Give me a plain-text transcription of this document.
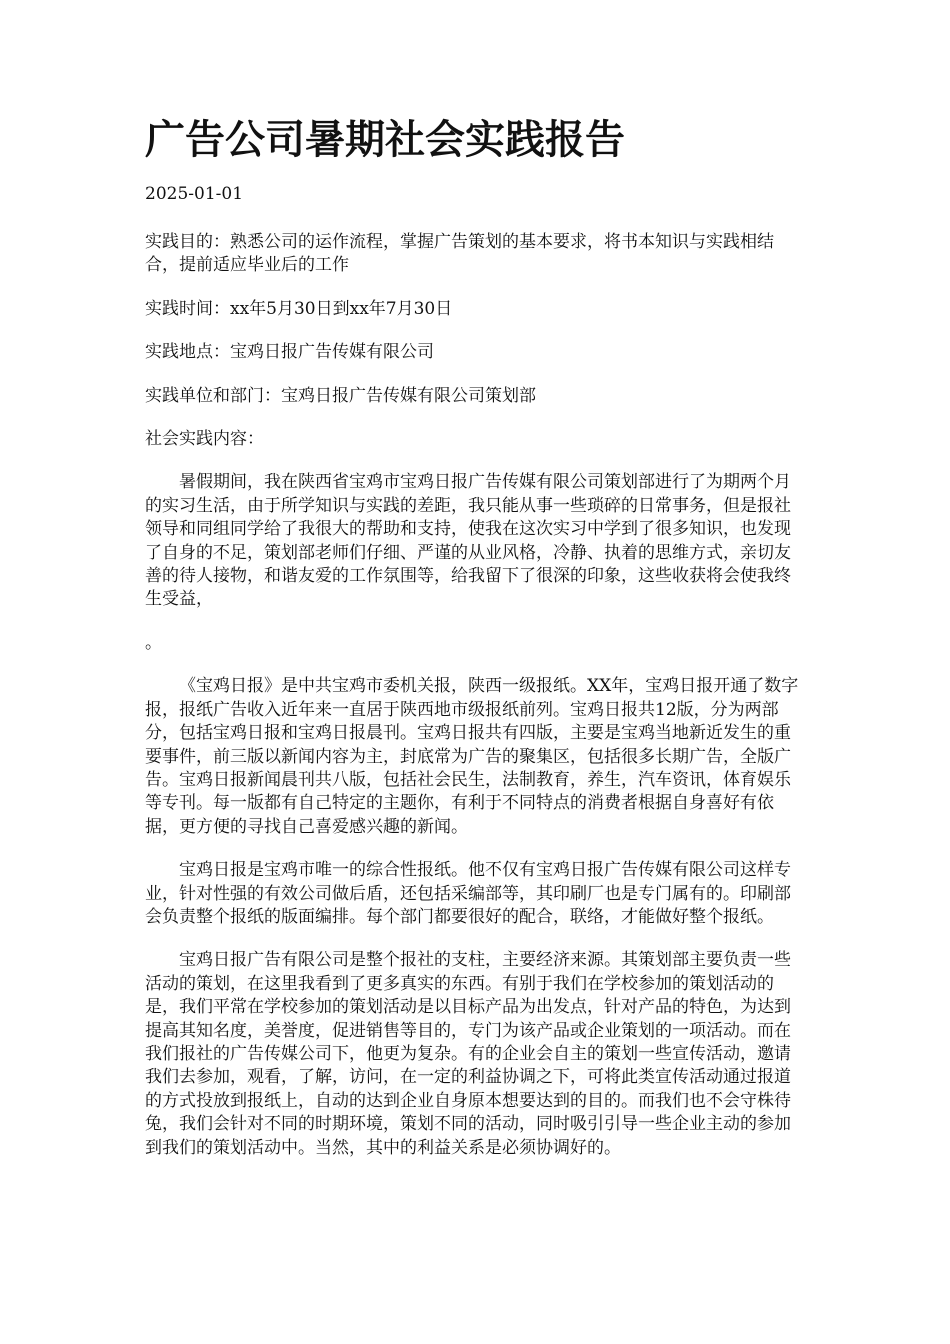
广告公司暑期社会实践报告
2025-01-01

实践目的：熟悉公司的运作流程，掌握广告策划的基本要求，将书本知识与实践相结合，提前适应毕业后的工作

实践时间：xx年5月30日到xx年7月30日

实践地点：宝鸡日报广告传媒有限公司

实践单位和部门：宝鸡日报广告传媒有限公司策划部

社会实践内容：

暑假期间，我在陕西省宝鸡市宝鸡日报广告传媒有限公司策划部进行了为期两个月的实习生活，由于所学知识与实践的差距，我只能从事一些琐碎的日常事务，但是报社领导和同组同学给了我很大的帮助和支持，使我在这次实习中学到了很多知识，也发现了自身的不足，策划部老师们仔细、严谨的从业风格，冷静、执着的思维方式，亲切友善的待人接物，和谐友爱的工作氛围等，给我留下了很深的印象，这些收获将会使我终生受益，

。

《宝鸡日报》是中共宝鸡市委机关报，陕西一级报纸。XX年，宝鸡日报开通了数字报，报纸广告收入近年来一直居于陕西地市级报纸前列。宝鸡日报共12版，分为两部分，包括宝鸡日报和宝鸡日报晨刊。宝鸡日报共有四版，主要是宝鸡当地新近发生的重要事件，前三版以新闻内容为主，封底常为广告的聚集区，包括很多长期广告，全版广告。宝鸡日报新闻晨刊共八版，包括社会民生，法制教育，养生，汽车资讯，体育娱乐等专刊。每一版都有自己特定的主题你，有利于不同特点的消费者根据自身喜好有依据，更方便的寻找自己喜爱感兴趣的新闻。

宝鸡日报是宝鸡市唯一的综合性报纸。他不仅有宝鸡日报广告传媒有限公司这样专业，针对性强的有效公司做后盾，还包括采编部等，其印刷厂也是专门属有的。印刷部会负责整个报纸的版面编排。每个部门都要很好的配合，联络，才能做好整个报纸。

宝鸡日报广告有限公司是整个报社的支柱，主要经济来源。其策划部主要负责一些活动的策划，在这里我看到了更多真实的东西。有别于我们在学校参加的策划活动的是，我们平常在学校参加的策划活动是以目标产品为出发点，针对产品的特色，为达到提高其知名度，美誉度，促进销售等目的，专门为该产品或企业策划的一项活动。而在我们报社的广告传媒公司下，他更为复杂。有的企业会自主的策划一些宣传活动，邀请我们去参加，观看，了解，访问，在一定的利益协调之下，可将此类宣传活动通过报道的方式投放到报纸上，自动的达到企业自身原本想要达到的目的。而我们也不会守株待兔，我们会针对不同的时期环境，策划不同的活动，同时吸引引导一些企业主动的参加到我们的策划活动中。当然，其中的利益关系是必须协调好的。
